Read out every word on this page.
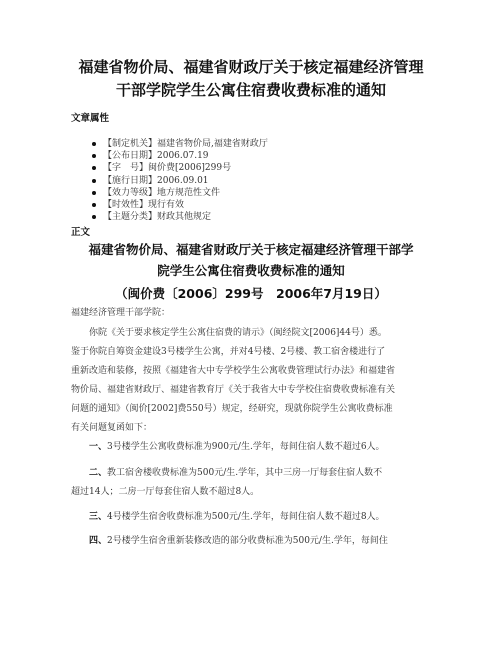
福建省物价局、福建省财政厅关于核定福建经济管理
干部学院学生公寓住宿费收费标准的通知
文章属性
【制定机关】福建省物价局,福建省财政厅
【公布日期】2006.07.19
【字　号】闽价费[2006]299号
【施行日期】2006.09.01
【效力等级】地方规范性文件
【时效性】现行有效
【主题分类】财政其他规定
正文
福建省物价局、福建省财政厅关于核定福建经济管理干部学
院学生公寓住宿费收费标准的通知
（闽价费〔2006〕299号　2006年7月19日）
福建经济管理干部学院：
你院《关于要求核定学生公寓住宿费的请示》（闽经院文[2006]44号）悉。
鉴于你院自筹资金建设3号楼学生公寓，并对4号楼、2号楼、教工宿舍楼进行了
重新改造和装修，按照《福建省大中专学校学生公寓收费管理试行办法》和福建省
物价局、福建省财政厅、福建省教育厅《关于我省大中专学校住宿费收费标准有关
问题的通知》（闽价[2002]费550号）规定，经研究，现就你院学生公寓收费标准
有关问题复函如下：
一、3号楼学生公寓收费标准为900元/生.学年，每间住宿人数不超过6人。
二、教工宿舍楼收费标准为500元/生.学年，其中三房一厅每套住宿人数不
超过14人；二房一厅每套住宿人数不超过8人。
三、4号楼学生宿舍收费标准为500元/生.学年，每间住宿人数不超过8人。
四、2号楼学生宿舍重新装修改造的部分收费标准为500元/生.学年，每间住
